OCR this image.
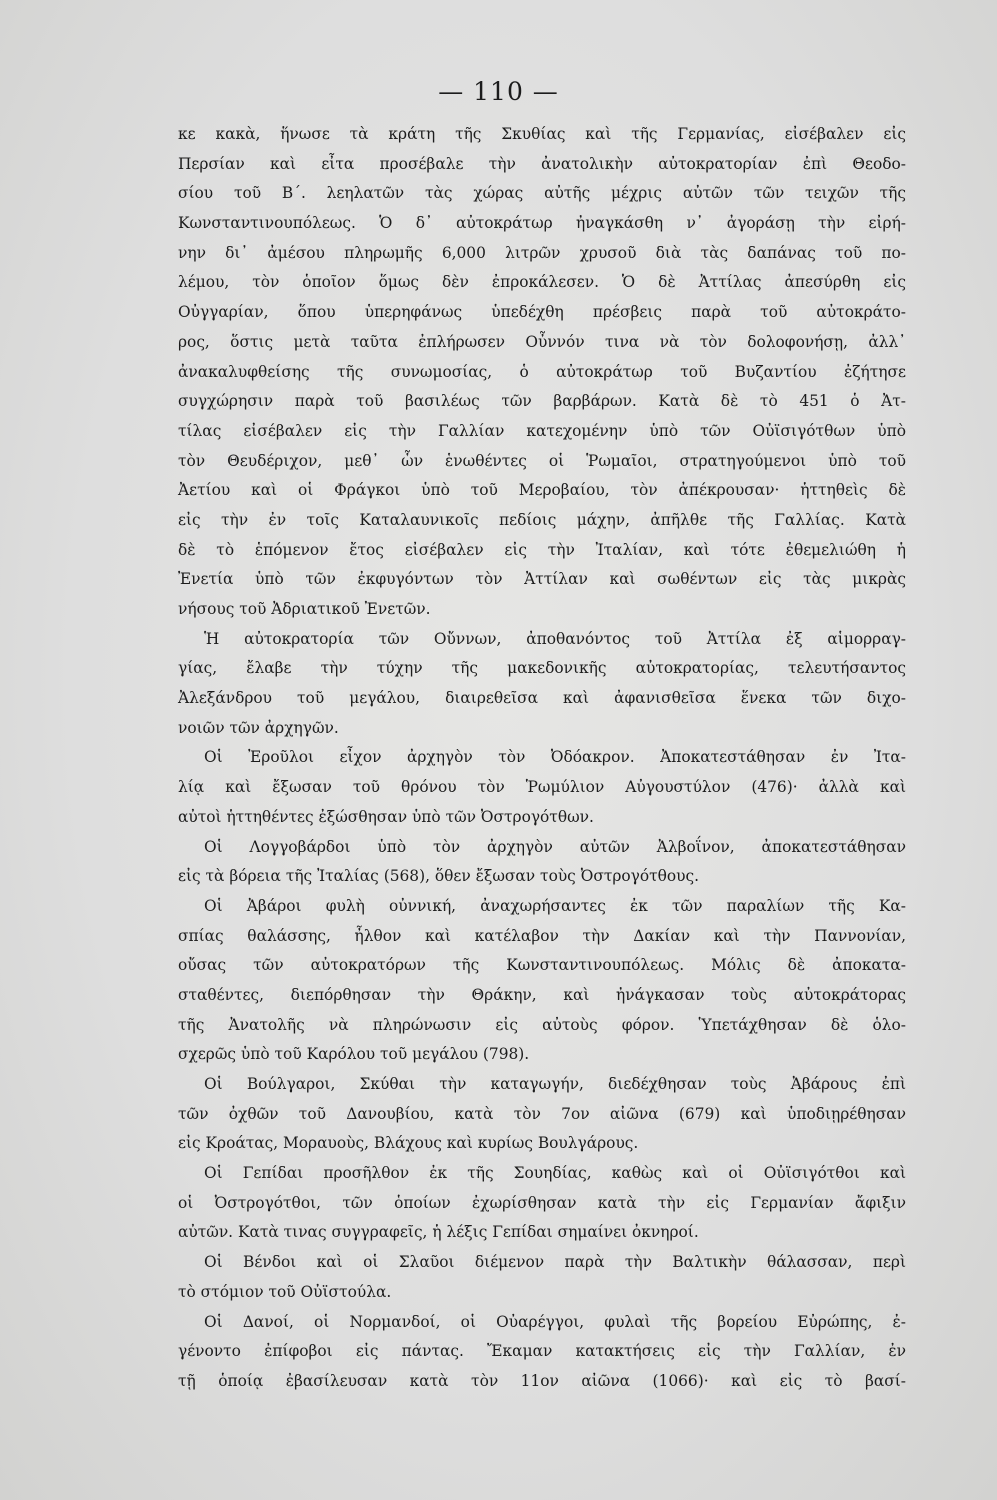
— 110 —
κε κακὰ, ἥνωσε τὰ κράτη τῆς Σκυθίας καὶ τῆς Γερμανίας, εἰσέβαλεν εἰς
Περσίαν καὶ εἶτα προσέβαλε τὴν ἀνατολικὴν αὐτοκρατορίαν ἐπὶ Θεοδο-
σίου τοῦ Β΄. λεηλατῶν τὰς χώρας αὐτῆς μέχρις αὐτῶν τῶν τειχῶν τῆς
Κωνσταντινουπόλεως. Ὁ δ᾽ αὐτοκράτωρ ἠναγκάσθη ν᾽ ἀγοράσῃ τὴν εἰρή-
νην δι᾽ ἀμέσου πληρωμῆς 6,000 λιτρῶν χρυσοῦ διὰ τὰς δαπάνας τοῦ πο-
λέμου, τὸν ὁποῖον ὅμως δὲν ἐπροκάλεσεν. Ὁ δὲ Ἀττίλας ἀπεσύρθη εἰς
Οὐγγαρίαν, ὅπου ὑπερηφάνως ὑπεδέχθη πρέσβεις παρὰ τοῦ αὐτοκράτο-
ρος, ὅστις μετὰ ταῦτα ἐπλήρωσεν Οὖννόν τινα νὰ τὸν δολοφονήσῃ, ἀλλ᾽
ἀνακαλυφθείσης τῆς συνωμοσίας, ὁ αὐτοκράτωρ τοῦ Βυζαντίου ἐζήτησε
συγχώρησιν παρὰ τοῦ βασιλέως τῶν βαρβάρων. Κατὰ δὲ τὸ 451 ὁ Ἀτ-
τίλας εἰσέβαλεν εἰς τὴν Γαλλίαν κατεχομένην ὑπὸ τῶν Οὐϊσιγότθων ὑπὸ
τὸν Θευδέριχον, μεθ᾽ ὧν ἑνωθέντες οἱ Ῥωμαῖοι, στρατηγούμενοι ὑπὸ τοῦ
Ἀετίου καὶ οἱ Φράγκοι ὑπὸ τοῦ Μεροβαίου, τὸν ἀπέκρουσαν· ἡττηθεὶς δὲ
εἰς τὴν ἐν τοῖς Καταλαυνικοῖς πεδίοις μάχην, ἀπῆλθε τῆς Γαλλίας. Κατὰ
δὲ τὸ ἑπόμενον ἔτος εἰσέβαλεν εἰς τὴν Ἰταλίαν, καὶ τότε ἐθεμελιώθη ἡ
Ἐνετία ὑπὸ τῶν ἐκφυγόντων τὸν Ἀττίλαν καὶ σωθέντων εἰς τὰς μικρὰς
νήσους τοῦ Ἀδριατικοῦ Ἐνετῶν.
Ἡ αὐτοκρατορία τῶν Οὔννων, ἀποθανόντος τοῦ Ἀττίλα ἐξ αἱμορραγ-
γίας, ἔλαβε τὴν τύχην τῆς μακεδονικῆς αὐτοκρατορίας, τελευτήσαντος
Ἀλεξάνδρου τοῦ μεγάλου, διαιρεθεῖσα καὶ ἀφανισθεῖσα ἕνεκα τῶν διχο-
νοιῶν τῶν ἀρχηγῶν.
Οἱ Ἐροῦλοι εἶχον ἀρχηγὸν τὸν Ὀδόακρον. Ἀποκατεστάθησαν ἐν Ἰτα-
λίᾳ καὶ ἔξωσαν τοῦ θρόνου τὸν Ῥωμύλιον Αὐγουστύλον (476)· ἀλλὰ καὶ
αὐτοὶ ἡττηθέντες ἐξώσθησαν ὑπὸ τῶν Ὀστρογότθων.
Οἱ Λογγοβάρδοι ὑπὸ τὸν ἀρχηγὸν αὐτῶν Ἀλβοΐνον, ἀποκατεστάθησαν
εἰς τὰ βόρεια τῆς Ἰταλίας (568), ὅθεν ἔξωσαν τοὺς Ὀστρογότθους.
Οἱ Ἀβάροι φυλὴ οὐννική, ἀναχωρήσαντες ἐκ τῶν παραλίων τῆς Κα-
σπίας θαλάσσης, ἦλθον καὶ κατέλαβον τὴν Δακίαν καὶ τὴν Παννονίαν,
οὔσας τῶν αὐτοκρατόρων τῆς Κωνσταντινουπόλεως. Μόλις δὲ ἀποκατα-
σταθέντες, διεπόρθησαν τὴν Θράκην, καὶ ἠνάγκασαν τοὺς αὐτοκράτορας
τῆς Ἀνατολῆς νὰ πληρώνωσιν εἰς αὐτοὺς φόρον. Ὑπετάχθησαν δὲ ὁλο-
σχερῶς ὑπὸ τοῦ Καρόλου τοῦ μεγάλου (798).
Οἱ Βούλγαροι, Σκύθαι τὴν καταγωγήν, διεδέχθησαν τοὺς Ἀβάρους ἐπὶ
τῶν ὀχθῶν τοῦ Δανουβίου, κατὰ τὸν 7ον αἰῶνα (679) καὶ ὑποδιῃρέθησαν
εἰς Κροάτας, Μοραυοὺς, Βλάχους καὶ κυρίως Βουλγάρους.
Οἱ Γεπίδαι προσῆλθον ἐκ τῆς Σουηδίας, καθὼς καὶ οἱ Οὐϊσιγότθοι καὶ
οἱ Ὀστρογότθοι, τῶν ὁποίων ἐχωρίσθησαν κατὰ τὴν εἰς Γερμανίαν ἄφιξιν
αὐτῶν. Κατὰ τινας συγγραφεῖς, ἡ λέξις Γεπίδαι σημαίνει ὀκνηροί.
Οἱ Βένδοι καὶ οἱ Σλαῦοι διέμενον παρὰ τὴν Βαλτικὴν θάλασσαν, περὶ
τὸ στόμιον τοῦ Οὐϊστούλα.
Οἱ Δανοί, οἱ Νορμανδοί, οἱ Οὐαρέγγοι, φυλαὶ τῆς βορείου Εὐρώπης, ἐ-
γένοντο ἐπίφοβοι εἰς πάντας. Ἔκαμαν κατακτήσεις εἰς τὴν Γαλλίαν, ἐν
τῇ ὁποίᾳ ἐβασίλευσαν κατὰ τὸν 11ον αἰῶνα (1066)· καὶ εἰς τὸ βασί-
